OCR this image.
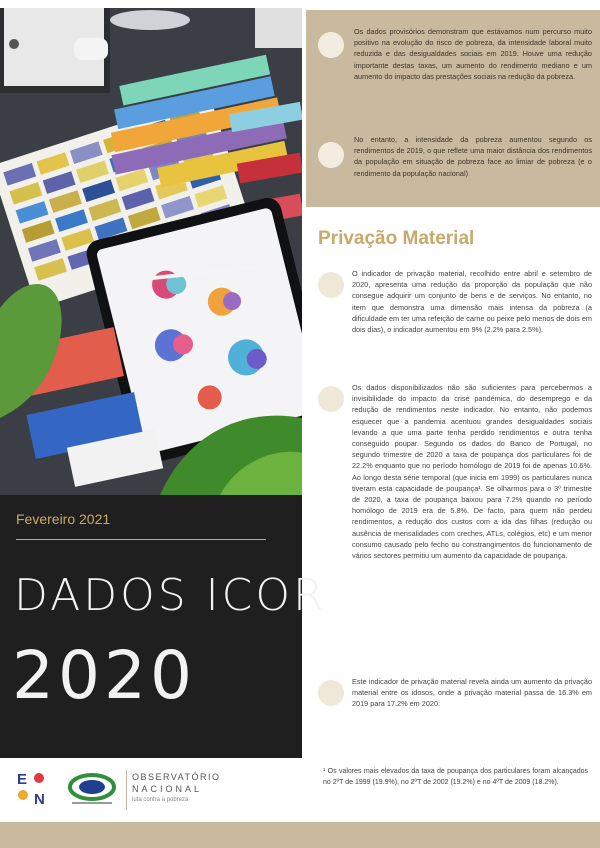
Fevereiro 2021
DADOS ICOR
2020
E
N
OBSERVATÓRIO
NACIONAL
luta contra a pobreza

Os dados provisórios demonstram que estávamos num percurso muito positivo na evolução do risco de pobreza, da intensidade laboral muito reduzida e das desigualdades sociais em 2019. Houve uma redução importante destas taxas, um aumento do rendimento mediano e um aumento do impacto das prestações sociais na redução da pobreza.

No entanto, a intensidade da pobreza aumentou segundo os rendimentos de 2019, o que reflete uma maior distância dos rendimentos da população em situação de pobreza face ao limiar de pobreza (e o rendimento da população nacional)

Privação Material

O indicador de privação material, recolhido entre abril e setembro de 2020, apresenta uma redução da proporção da população que não consegue adquirir um conjunto de bens e de serviços. No entanto, no item que demonstra uma dimensão mais intensa da pobreza (a dificuldade em ter uma refeição de carne ou peixe pelo menos de dois em dois dias), o indicador aumentou em 9% (2.2% para 2.5%).

Os dados disponibilizados não são suficientes para percebermos a invisibilidade do impacto da crise pandémica, do desemprego e da redução de rendimentos neste indicador. No entanto, não podemos esquecer que a pandemia acentuou grandes desigualdades sociais levando a que uma parte tenha perdido rendimentos e outra tenha conseguido poupar. Segundo os dados do Banco de Portugal, no segundo trimestre de 2020 a taxa de poupança dos particulares foi de 22.2% enquanto que no período homólogo de 2019 foi de apenas 10.6%. Ao longo desta série temporal (que inicia em 1999) os particulares nunca tiveram esta capacidade de poupança¹. Se olharmos para o 3º trimestre de 2020, a taxa de poupança baixou para 7.2% quando no período homólogo de 2019 era de 5.8%. De facto, para quem não perdeu rendimentos, a redução dos custos com a ida das filhas (redução ou ausência de mensalidades com creches, ATLs, colégios, etc) e um menor consumo causado pelo fecho ou constrangimentos do funcionamento de vários sectores permitiu um aumento da capacidade de poupança.

Este indicador de privação material revela ainda um aumento da privação material entre os idosos, onde a privação material passa de 16.3% em 2019 para 17.2% em 2020.

¹ Os valores mais elevados da taxa de poupança dos particulares foram alcançados no 2ºT de 1999 (19.9%), no 2ºT de 2002 (19.2%) e no 4ºT de 2009 (18.2%).
